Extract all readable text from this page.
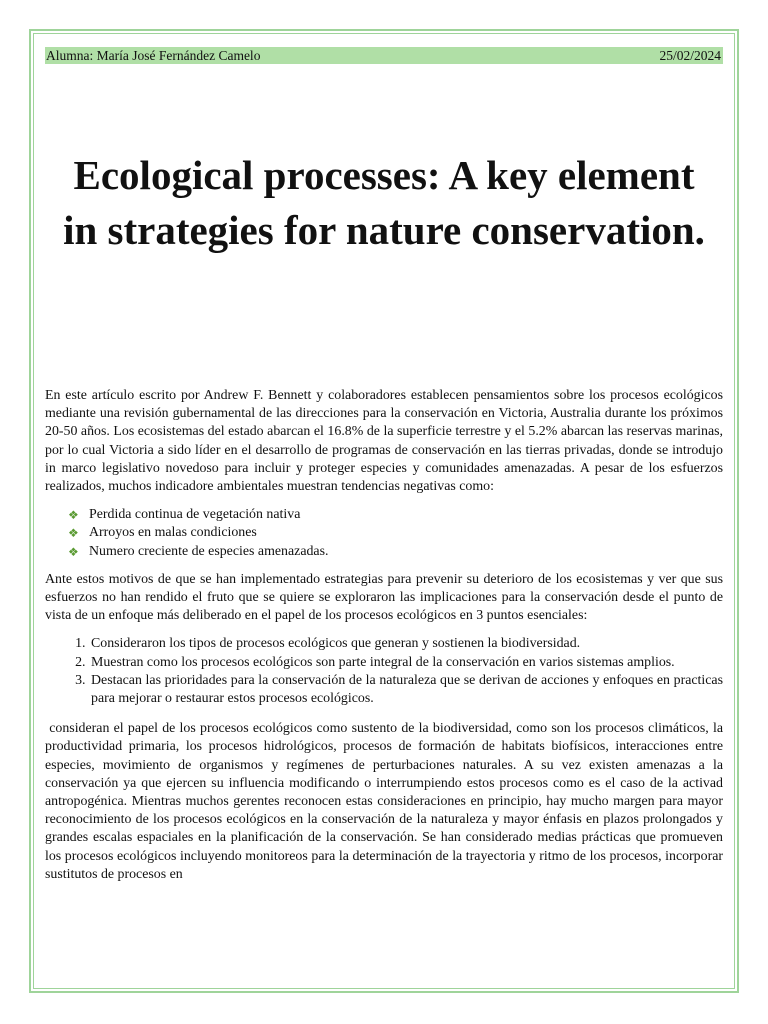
Alumna: María José Fernández Camelo	25/02/2024
Ecological processes: A key element in strategies for nature conservation.

En este artículo escrito por Andrew F. Bennett y colaboradores establecen pensamientos sobre los procesos ecológicos mediante una revisión gubernamental de las direcciones para la conservación en Victoria, Australia durante los próximos 20-50 años. Los ecosistemas del estado abarcan el 16.8% de la superficie terrestre y el 5.2% abarcan las reservas marinas, por lo cual Victoria a sido líder en el desarrollo de programas de conservación en las tierras privadas, donde se introdujo in marco legislativo novedoso para incluir y proteger especies y comunidades amenazadas. A pesar de los esfuerzos realizados, muchos indicadore ambientales muestran tendencias negativas como:

❖ Perdida continua de vegetación nativa
❖ Arroyos en malas condiciones
❖ Numero creciente de especies amenazadas.

Ante estos motivos de que se han implementado estrategias para prevenir su deterioro de los ecosistemas y ver que sus esfuerzos no han rendido el fruto que se quiere se exploraron las implicaciones para la conservación desde el punto de vista de un enfoque más deliberado en el papel de los procesos ecológicos en 3 puntos esenciales:

1. Consideraron los tipos de procesos ecológicos que generan y sostienen la biodiversidad.
2. Muestran como los procesos ecológicos son parte integral de la conservación en varios sistemas amplios.
3. Destacan las prioridades para la conservación de la naturaleza que se derivan de acciones y enfoques en practicas para mejorar o restaurar estos procesos ecológicos.

consideran el papel de los procesos ecológicos como sustento de la biodiversidad, como son los procesos climáticos, la productividad primaria, los procesos hidrológicos, procesos de formación de habitats biofísicos, interacciones entre especies, movimiento de organismos y regímenes de perturbaciones naturales. A su vez existen amenazas a la conservación ya que ejercen su influencia modificando o interrumpiendo estos procesos como es el caso de la activad antropogénica. Mientras muchos gerentes reconocen estas consideraciones en principio, hay mucho margen para mayor reconocimiento de los procesos ecológicos en la conservación de la naturaleza y mayor énfasis en plazos prolongados y grandes escalas espaciales en la planificación de la conservación. Se han considerado medias prácticas que promueven los procesos ecológicos incluyendo monitoreos para la determinación de la trayectoria y ritmo de los procesos, incorporar sustitutos de procesos en
